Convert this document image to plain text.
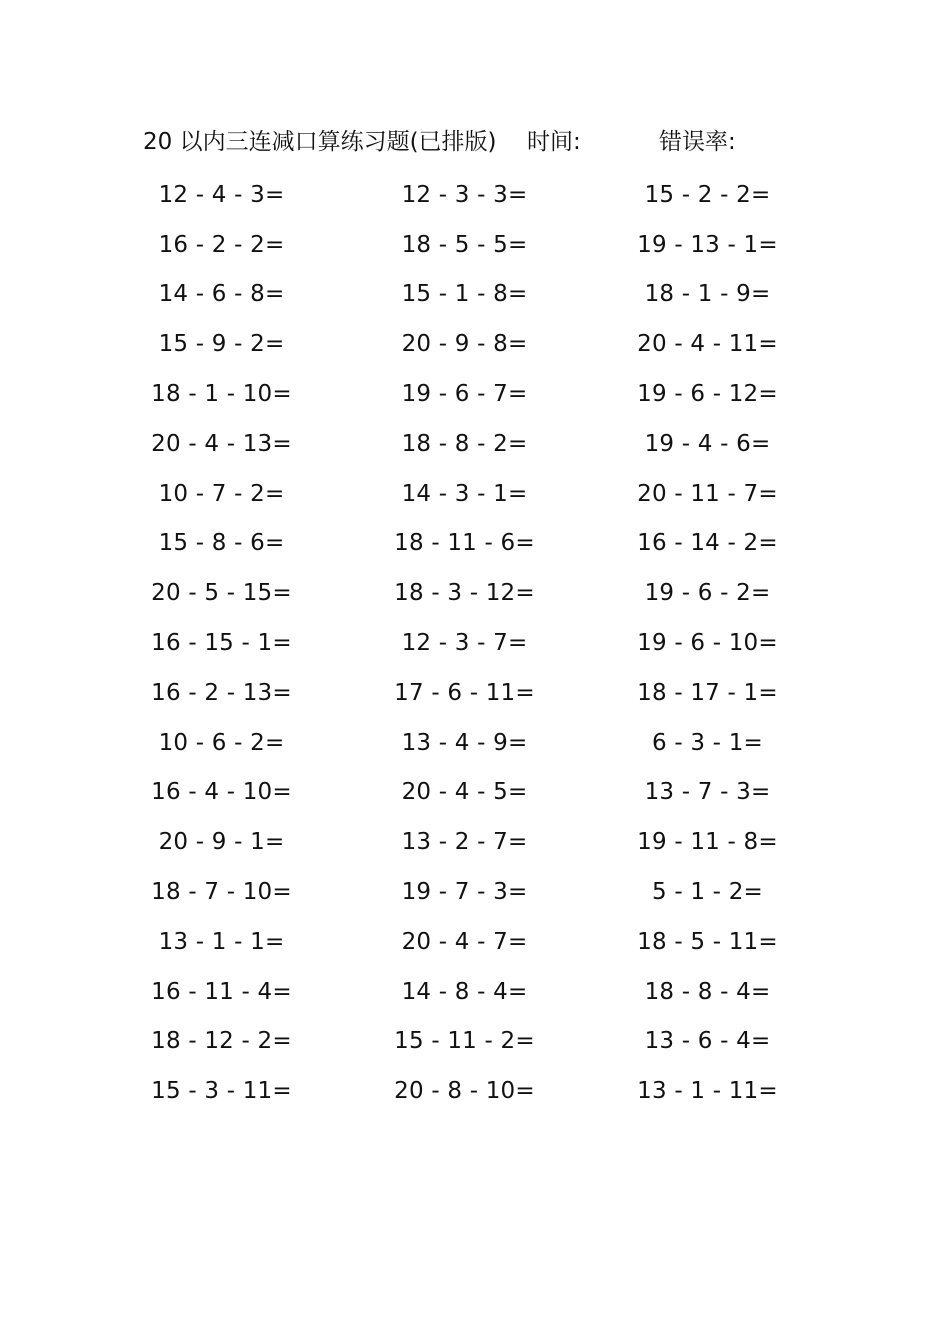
20 以内三连减口算练习题(已排版) 时间:	错误率:
12 - 4 - 3=	12 - 3 - 3=	15 - 2 - 2=
16 - 2 - 2=	18 - 5 - 5=	19 - 13 - 1=
14 - 6 - 8=	15 - 1 - 8=	18 - 1 - 9=
15 - 9 - 2=	20 - 9 - 8=	20 - 4 - 11=
18 - 1 - 10=	19 - 6 - 7=	19 - 6 - 12=
20 - 4 - 13=	18 - 8 - 2=	19 - 4 - 6=
10 - 7 - 2=	14 - 3 - 1=	20 - 11 - 7=
15 - 8 - 6=	18 - 11 - 6=	16 - 14 - 2=
20 - 5 - 15=	18 - 3 - 12=	19 - 6 - 2=
16 - 15 - 1=	12 - 3 - 7=	19 - 6 - 10=
16 - 2 - 13=	17 - 6 - 11=	18 - 17 - 1=
10 - 6 - 2=	13 - 4 - 9=	6 - 3 - 1=
16 - 4 - 10=	20 - 4 - 5=	13 - 7 - 3=
20 - 9 - 1=	13 - 2 - 7=	19 - 11 - 8=
18 - 7 - 10=	19 - 7 - 3=	5 - 1 - 2=
13 - 1 - 1=	20 - 4 - 7=	18 - 5 - 11=
16 - 11 - 4=	14 - 8 - 4=	18 - 8 - 4=
18 - 12 - 2=	15 - 11 - 2=	13 - 6 - 4=
15 - 3 - 11=	20 - 8 - 10=	13 - 1 - 11=
